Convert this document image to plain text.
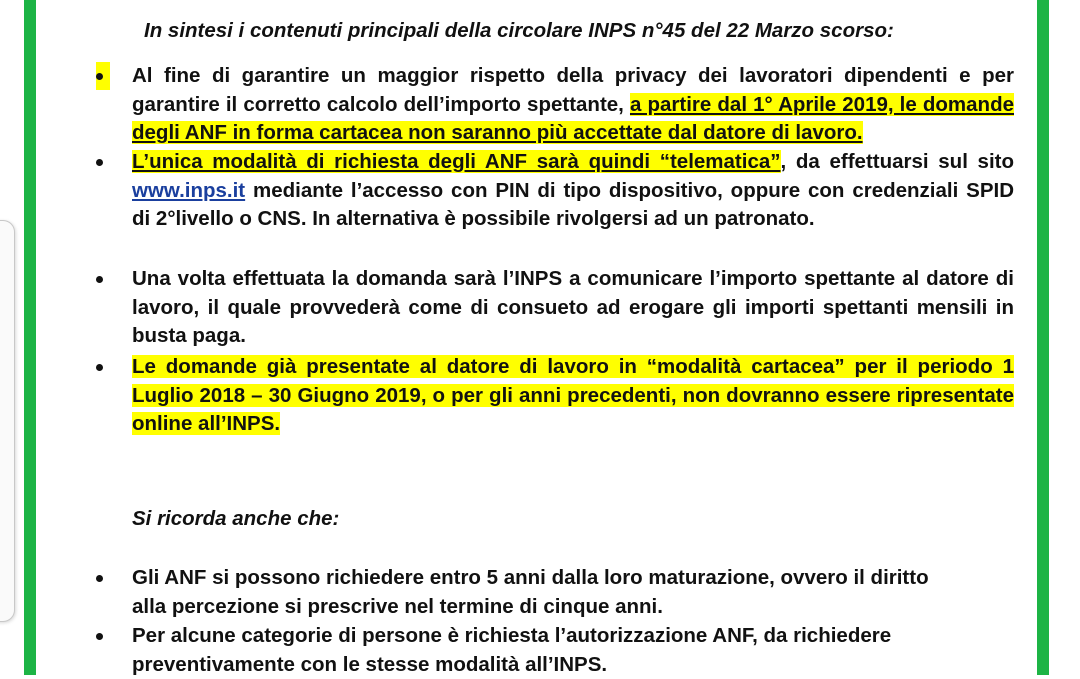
In sintesi i contenuti principali della circolare INPS n°45 del 22 Marzo scorso:
Al fine di garantire un maggior rispetto della privacy dei lavoratori dipendenti e per garantire il corretto calcolo dell’importo spettante, a partire dal 1° Aprile 2019, le domande degli ANF in forma cartacea non saranno più accettate dal datore di lavoro.
L’unica modalità di richiesta degli ANF sarà quindi “telematica”, da effettuarsi sul sito www.inps.it mediante l’accesso con PIN di tipo dispositivo, oppure con credenziali SPID di 2°livello o CNS. In alternativa è possibile rivolgersi ad un patronato.
Una volta effettuata la domanda sarà l’INPS a comunicare l’importo spettante al datore di lavoro, il quale provvederà come di consueto ad erogare gli importi spettanti mensili in busta paga.
Le domande già presentate al datore di lavoro in “modalità cartacea” per il periodo 1 Luglio 2018 – 30 Giugno 2019, o per gli anni precedenti, non dovranno essere ripresentate online all’INPS.
Si ricorda anche che:
Gli ANF si possono richiedere entro 5 anni dalla loro maturazione, ovvero il diritto
alla percezione si prescrive nel termine di cinque anni.
Per alcune categorie di persone è richiesta l’autorizzazione ANF, da richiedere
preventivamente con le stesse modalità all’INPS.
